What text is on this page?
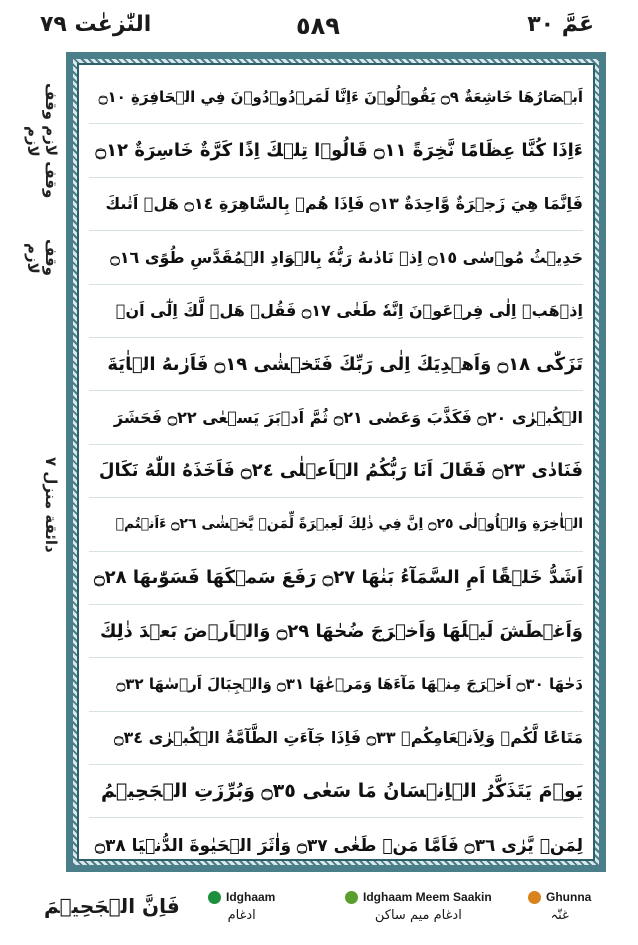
النّٰزعٰت ٧٩	٥٨٩	عَمَّ ٣٠
وقف لازم وقف لازم
وقف لازم
دائقة منزل ٧
اَبۡصَارُهَا خَاشِعَةٌ ۝٩ يَقُوۡلُوۡنَ ءَاِنَّا لَمَرۡدُوۡدُوۡنَ فِي الۡحَافِرَةِ ۝١٠
ءَاِذَا كُنَّا عِظَامًا نَّخِرَةً ۝١١ قَالُوۡا تِلۡكَ اِذًا كَرَّةٌ خَاسِرَةٌ ۝١٢
فَاِنَّمَا هِيَ زَجۡرَةٌ وَّاحِدَةٌ ۝١٣ فَاِذَا هُمۡ بِالسَّاهِرَةِ ۝١٤ هَلۡ اَتٰىكَ
حَدِيۡثُ مُوۡسٰى ۝١٥ اِذۡ نَادٰىهُ رَبُّهٗ بِالۡوَادِ الۡمُقَدَّسِ طُوًى ۝١٦
اِذۡهَبۡ اِلٰى فِرۡعَوۡنَ اِنَّهٗ طَغٰى ۝١٧ فَقُلۡ هَلۡ لَّكَ اِلٰٓى اَنۡ
تَزَكّٰى ۝١٨ وَاَهۡدِيَكَ اِلٰى رَبِّكَ فَتَخۡشٰى ۝١٩ فَاَرٰىهُ الۡاٰيَةَ
الۡكُبۡرٰى ۝٢٠ فَكَذَّبَ وَعَصٰى ۝٢١ ثُمَّ اَدۡبَرَ يَسۡعٰى ۝٢٢ فَحَشَرَ
فَنَادٰى ۝٢٣ فَقَالَ اَنَا رَبُّكُمُ الۡاَعۡلٰى ۝٢٤ فَاَخَذَهُ اللّٰهُ نَكَالَ
الۡاٰخِرَةِ وَالۡاُوۡلٰى ۝٢٥ اِنَّ فِي ذٰلِكَ لَعِبۡرَةً لِّمَنۡ يَّخۡشٰى ۝٢٦ ءَاَنۡتُمۡ
اَشَدُّ خَلۡقًا اَمِ السَّمَآءُ بَنٰهَا ۝٢٧ رَفَعَ سَمۡكَهَا فَسَوّٰىهَا ۝٢٨
وَاَغۡطَشَ لَيۡلَهَا وَاَخۡرَجَ ضُحٰهَا ۝٢٩ وَالۡاَرۡضَ بَعۡدَ ذٰلِكَ
دَحٰهَا ۝٣٠ اَخۡرَجَ مِنۡهَا مَآءَهَا وَمَرۡعٰهَا ۝٣١ وَالۡجِبَالَ اَرۡسٰهَا ۝٣٢
مَتَاعًا لَّكُمۡ وَلِاَنۡعَامِكُمۡ ۝٣٣ فَاِذَا جَآءَتِ الطَّآمَّةُ الۡكُبۡرٰى ۝٣٤
يَوۡمَ يَتَذَكَّرُ الۡاِنۡسَانُ مَا سَعٰى ۝٣٥ وَبُرِّزَتِ الۡجَحِيۡمُ
لِمَنۡ يَّرٰى ۝٣٦ فَاَمَّا مَنۡ طَغٰى ۝٣٧ وَاٰثَرَ الۡحَيٰوةَ الدُّنۡيَا ۝٣٨
فَاِنَّ الۡجَحِيۡمَ	Idghaam
ادغام
Idghaam Meem Saakin
ادغام میم ساکن
Ghunna
غنّہ
